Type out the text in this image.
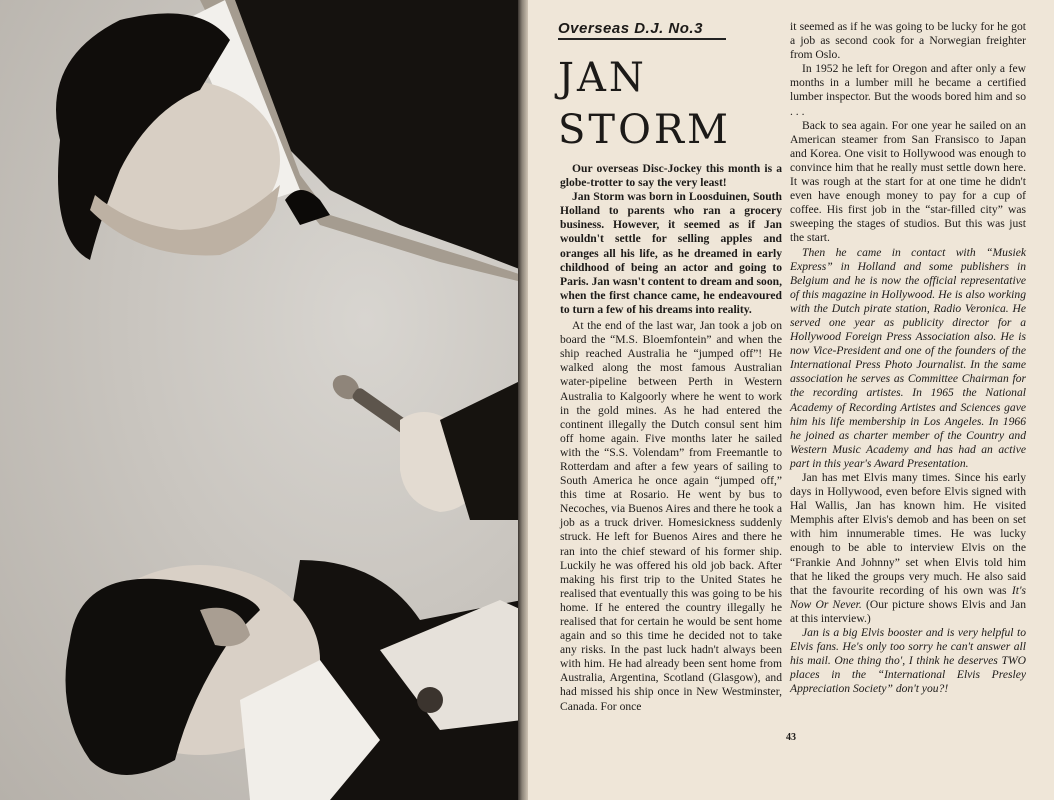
Overseas D.J. No.3
JAN
STORM

Our overseas Disc-Jockey this month is a globe-trotter to say the very least!

Jan Storm was born in Loosduinen, South Holland to parents who ran a grocery business. However, it seemed as if Jan wouldn't settle for selling apples and oranges all his life, as he dreamed in early childhood of being an actor and going to Paris. Jan wasn't content to dream and soon, when the first chance came, he endeavoured to turn a few of his dreams into reality.

At the end of the last war, Jan took a job on board the “M.S. Bloemfontein” and when the ship reached Australia he “jumped off”! He walked along the most famous Australian water-pipeline between Perth in Western Australia to Kalgoorly where he went to work in the gold mines. As he had entered the continent illegally the Dutch consul sent him off home again. Five months later he sailed with the “S.S. Volendam” from Freemantle to Rotterdam and after a few years of sailing to South America he once again “jumped off,” this time at Rosario. He went by bus to Necoches, via Buenos Aires and there he took a job as a truck driver. Homesickness suddenly struck. He left for Buenos Aires and there he ran into the chief steward of his former ship. Luckily he was offered his old job back. After making his first trip to the United States he realised that eventually this was going to be his home. If he entered the country illegally he realised that for certain he would be sent home again and so this time he decided not to take any risks. In the past luck hadn't always been with him. He had already been sent home from Australia, Argentina, Scotland (Glasgow), and had missed his ship once in New Westminster, Canada. For once

it seemed as if he was going to be lucky for he got a job as second cook for a Norwegian freighter from Oslo.

In 1952 he left for Oregon and after only a few months in a lumber mill he became a certified lumber inspector. But the woods bored him and so . . .

Back to sea again. For one year he sailed on an American steamer from San Fransisco to Japan and Korea. One visit to Hollywood was enough to convince him that he really must settle down here. It was rough at the start for at one time he didn't even have enough money to pay for a cup of coffee. His first job in the “star-filled city” was sweeping the stages of studios. But this was just the start.

Then he came in contact with “Musiek Express” in Holland and some publishers in Belgium and he is now the official representative of this magazine in Hollywood. He is also working with the Dutch pirate station, Radio Veronica. He served one year as publicity director for a Hollywood Foreign Press Association also. He is now Vice-President and one of the founders of the International Press Photo Journalist. In the same association he serves as Committee Chairman for the recording artistes. In 1965 the National Academy of Recording Artistes and Sciences gave him his life membership in Los Angeles. In 1966 he joined as charter member of the Country and Western Music Academy and has had an active part in this year's Award Presentation.

Jan has met Elvis many times. Since his early days in Hollywood, even before Elvis signed with Hal Wallis, Jan has known him. He visited Memphis after Elvis's demob and has been on set with him innumerable times. He was lucky enough to be able to interview Elvis on the “Frankie And Johnny” set when Elvis told him that he liked the groups very much. He also said that the favourite recording of his own was It's Now Or Never. (Our picture shows Elvis and Jan at this interview.)

Jan is a big Elvis booster and is very helpful to Elvis fans. He's only too sorry he can't answer all his mail. One thing tho', I think he deserves TWO places in the “International Elvis Presley Appreciation Society” don't you?!

43
